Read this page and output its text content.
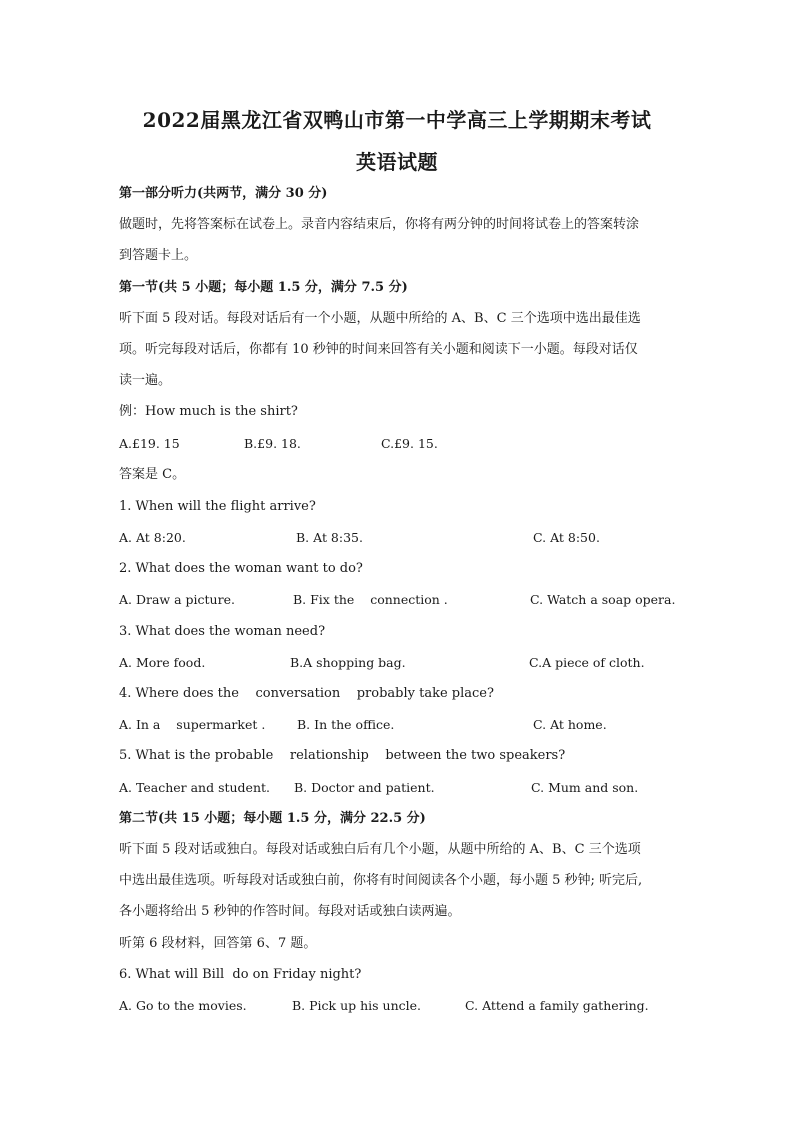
2022届黑龙江省双鸭山市第一中学高三上学期期末考试
英语试题
第一部分听力(共两节，满分 30 分)
做题时，先将答案标在试卷上。录音内容结束后，你将有两分钟的时间将试卷上的答案转涂
到答题卡上。
第一节(共 5 小题；每小题 1.5 分，满分 7.5 分)
听下面 5 段对话。每段对话后有一个小题，从题中所给的 A、B、C 三个选项中选出最佳选
项。听完每段对话后，你都有 10 秒钟的时间来回答有关小题和阅读下一小题。每段对话仅
读一遍。
例：How much is the shirt?
A.£19. 15	B.£9. 18.	C.£9. 15.
答案是 C。
1. When will the flight arrive?
A. At 8:20.	B. At 8:35.	C. At 8:50.
2. What does the woman want to do?
A. Draw a picture.	B. Fix the    connection .	C. Watch a soap opera.
3. What does the woman need?
A. More food.	B.A shopping bag.	C.A piece of cloth.
4. Where does the    conversation    probably take place?
A. In a    supermarket .	B. In the office.	C. At home.
5. What is the probable    relationship    between the two speakers?
A. Teacher and student. B. Doctor and patient.	C. Mum and son.
第二节(共 15 小题；每小题 1.5 分，满分 22.5 分)
听下面 5 段对话或独白。每段对话或独白后有几个小题，从题中所给的 A、B、C 三个选项
中选出最佳选项。听每段对话或独白前，你将有时间阅读各个小题，每小题 5 秒钟; 听完后,
各小题将给出 5 秒钟的作答时间。每段对话或独白读两遍。
听第 6 段材料，回答第 6、7 题。
6. What will Bill  do on Friday night?
A. Go to the movies.	B. Pick up his uncle.	C. Attend a family gathering.
